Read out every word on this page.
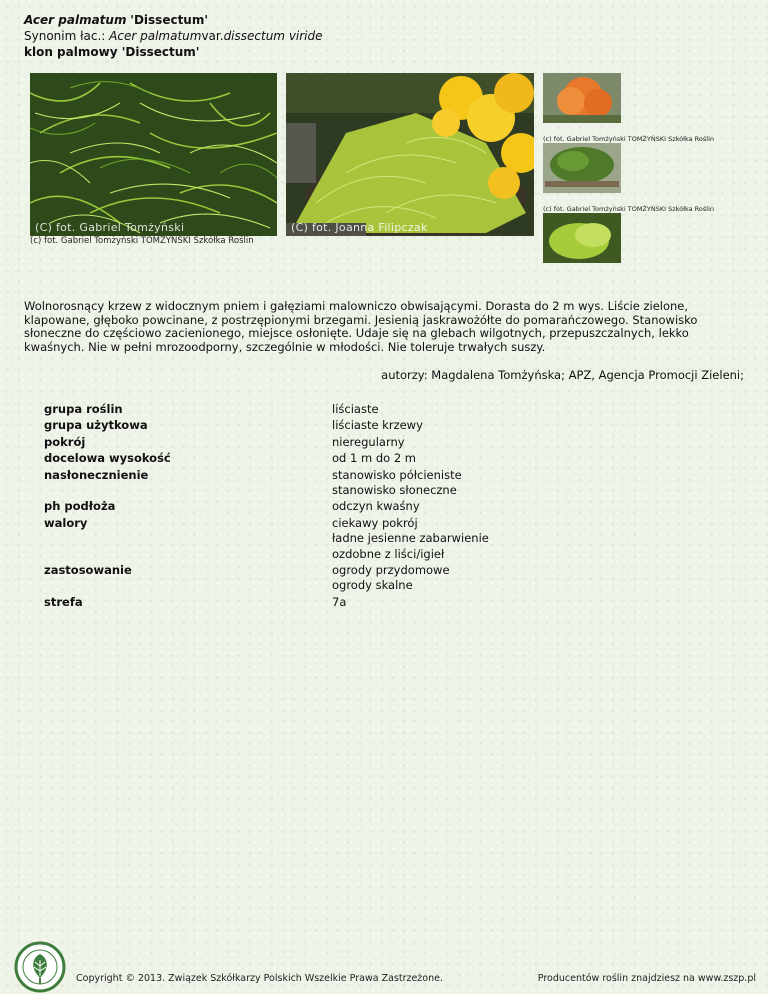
Acer palmatum 'Dissectum'
Synonim łac.: Acer palmatumvar.dissectum viride
klon palmowy 'Dissectum'
(C) fot. Gabriel Tomżyński
(c) fot. Gabriel Tomżyński TOMZYNSKI Szkółka Roślin
(C) fot. Joanna Filipczak
(c) fot. Gabriel Tomżyński TOMŻYŃSKI Szkółka Roślin
(c) fot. Gabriel Tomżyński TOMŻYŃSKI Szkółka Roślin
Wolnorosnący krzew z widocznym pniem i gałęziami malowniczo obwisającymi. Dorasta do 2 m wys. Liście zielone, klapowane, głęboko powcinane, z postrzępionymi brzegami. Jesienią jaskrawożółte do pomarańczowego. Stanowisko słoneczne do częściowo zacienionego, miejsce osłonięte. Udaje się na glebach wilgotnych, przepuszczalnych, lekko kwaśnych. Nie w pełni mrozoodporny, szczególnie w młodości. Nie toleruje trwałych suszy.
autorzy: Magdalena Tomżyńska; APZ, Agencja Promocji Zieleni;
grupa roślin	liściaste
grupa użytkowa	liściaste krzewy
pokrój	nieregularny
docelowa wysokość	od 1 m do 2 m
nasłonecznienie	stanowisko półcieniste
stanowisko słoneczne
ph podłoża	odczyn kwaśny
walory	ciekawy pokrój
ładne jesienne zabarwienie
ozdobne z liści/igieł
zastosowanie	ogrody przydomowe
ogrody skalne
strefa	7a
Copyright © 2013. Związek Szkółkarzy Polskich Wszelkie Prawa Zastrzeżone.	Producentów roślin znajdziesz na www.zszp.pl
